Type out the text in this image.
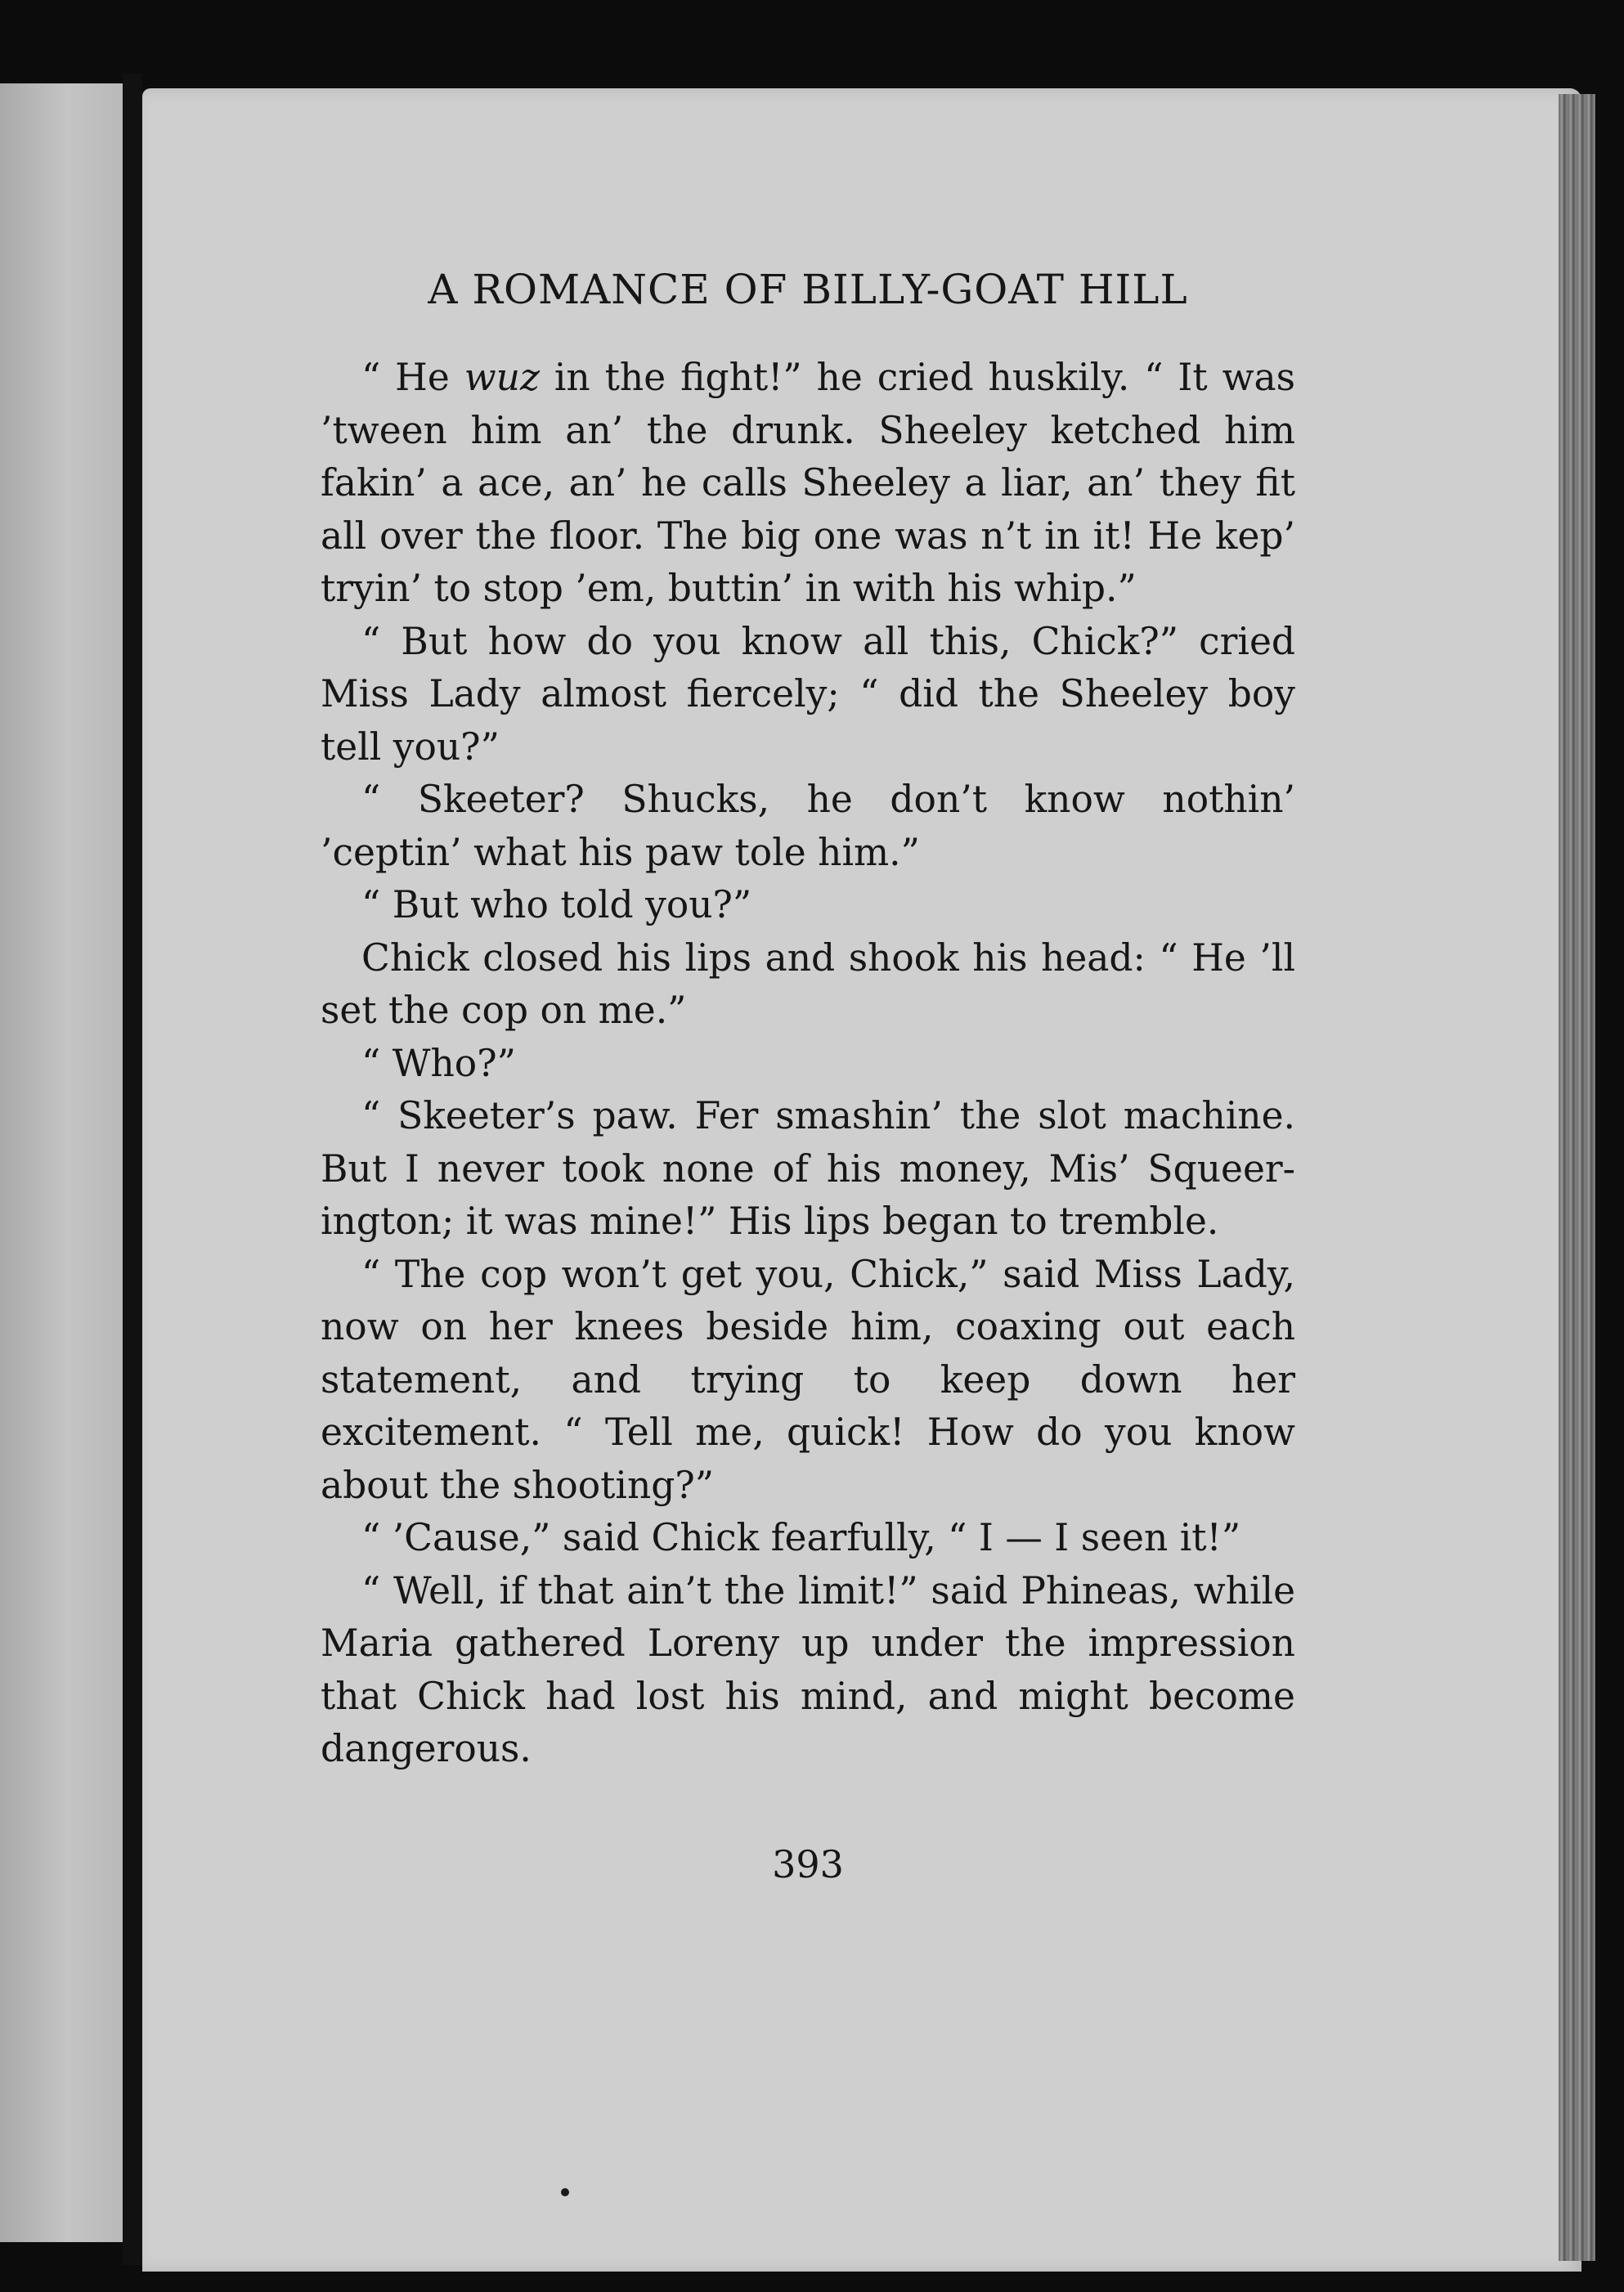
A ROMANCE OF BILLY-GOAT HILL

“ He wuz in the fight!” he cried huskily. “ It was ’tween him an’ the drunk. Sheeley ketched him fakin’ a ace, an’ he calls Sheeley a liar, an’ they fit all over the floor. The big one was n’t in it! He kep’ tryin’ to stop ’em, buttin’ in with his whip.”

“ But how do you know all this, Chick?” cried Miss Lady almost fiercely; “ did the Sheeley boy tell you?”

“ Skeeter? Shucks, he don’t know nothin’ ’ceptin’ what his paw tole him.”

“ But who told you?”

Chick closed his lips and shook his head: “ He ’ll set the cop on me.”

“ Who?”

“ Skeeter’s paw. Fer smashin’ the slot machine. But I never took none of his money, Mis’ Squeerington; it was mine!” His lips began to tremble.

“ The cop won’t get you, Chick,” said Miss Lady, now on her knees beside him, coaxing out each statement, and trying to keep down her excitement. “ Tell me, quick! How do you know about the shooting?”

“ ’Cause,” said Chick fearfully, “ I — I seen it!”

“ Well, if that ain’t the limit!” said Phineas, while Maria gathered Loreny up under the impression that Chick had lost his mind, and might become dangerous.

393
